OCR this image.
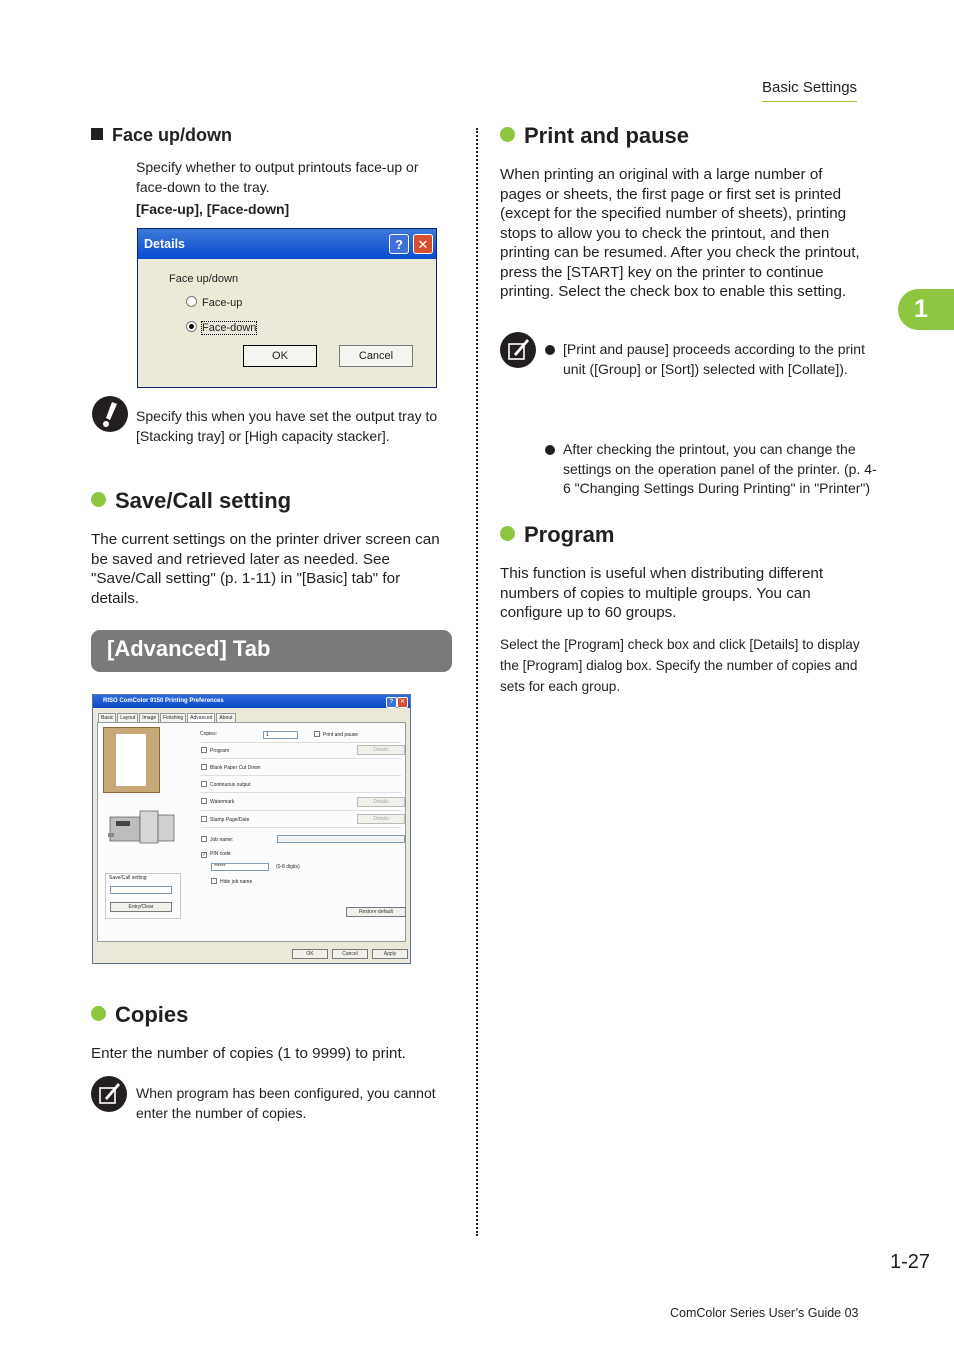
Basic Settings
1
Face up/down
Specify whether to output printouts face-up or face-down to the tray.
[Face-up], [Face-down]
Details	?	✕
Face up/down
Face-up
Face-down
OK	Cancel
Specify this when you have set the output tray to [Stacking tray] or [High capacity stacker].
Save/Call setting
The current settings on the printer driver screen can be saved and retrieved later as needed. See "Save/Call setting" (p. 1-11) in "[Basic] tab" for details.
[Advanced] Tab
RISO ComColor 9150 Printing Preferences	?	✕
Basic Layout Image Finishing Advanced About
Save/Call setting
Entry/Clear
Copies:	1	Print and pause
Program	Details
Blank Paper Cut Down
Continuous output
Watermark	Details
Stamp Page/Date	Details
Job name:
✓ PIN code
******	(0-8 digits)
Hide job name
Restore default
OK	Cancel	Apply
Copies
Enter the number of copies (1 to 9999) to print.
When program has been configured, you cannot enter the number of copies.
Print and pause
When printing an original with a large number of pages or sheets, the first page or first set is printed (except for the specified number of sheets), printing stops to allow you to check the printout, and then printing can be resumed. After you check the printout, press the [START] key on the printer to continue printing. Select the check box to enable this setting.
[Print and pause] proceeds according to the print unit ([Group] or [Sort]) selected with [Collate]).
After checking the printout, you can change the settings on the operation panel of the printer. (p. 4-6 "Changing Settings During Printing" in "Printer")
Program
This function is useful when distributing different numbers of copies to multiple groups. You can configure up to 60 groups.
Select the [Program] check box and click [Details] to display the [Program] dialog box. Specify the number of copies and sets for each group.
1-27
ComColor Series User’s Guide 03
